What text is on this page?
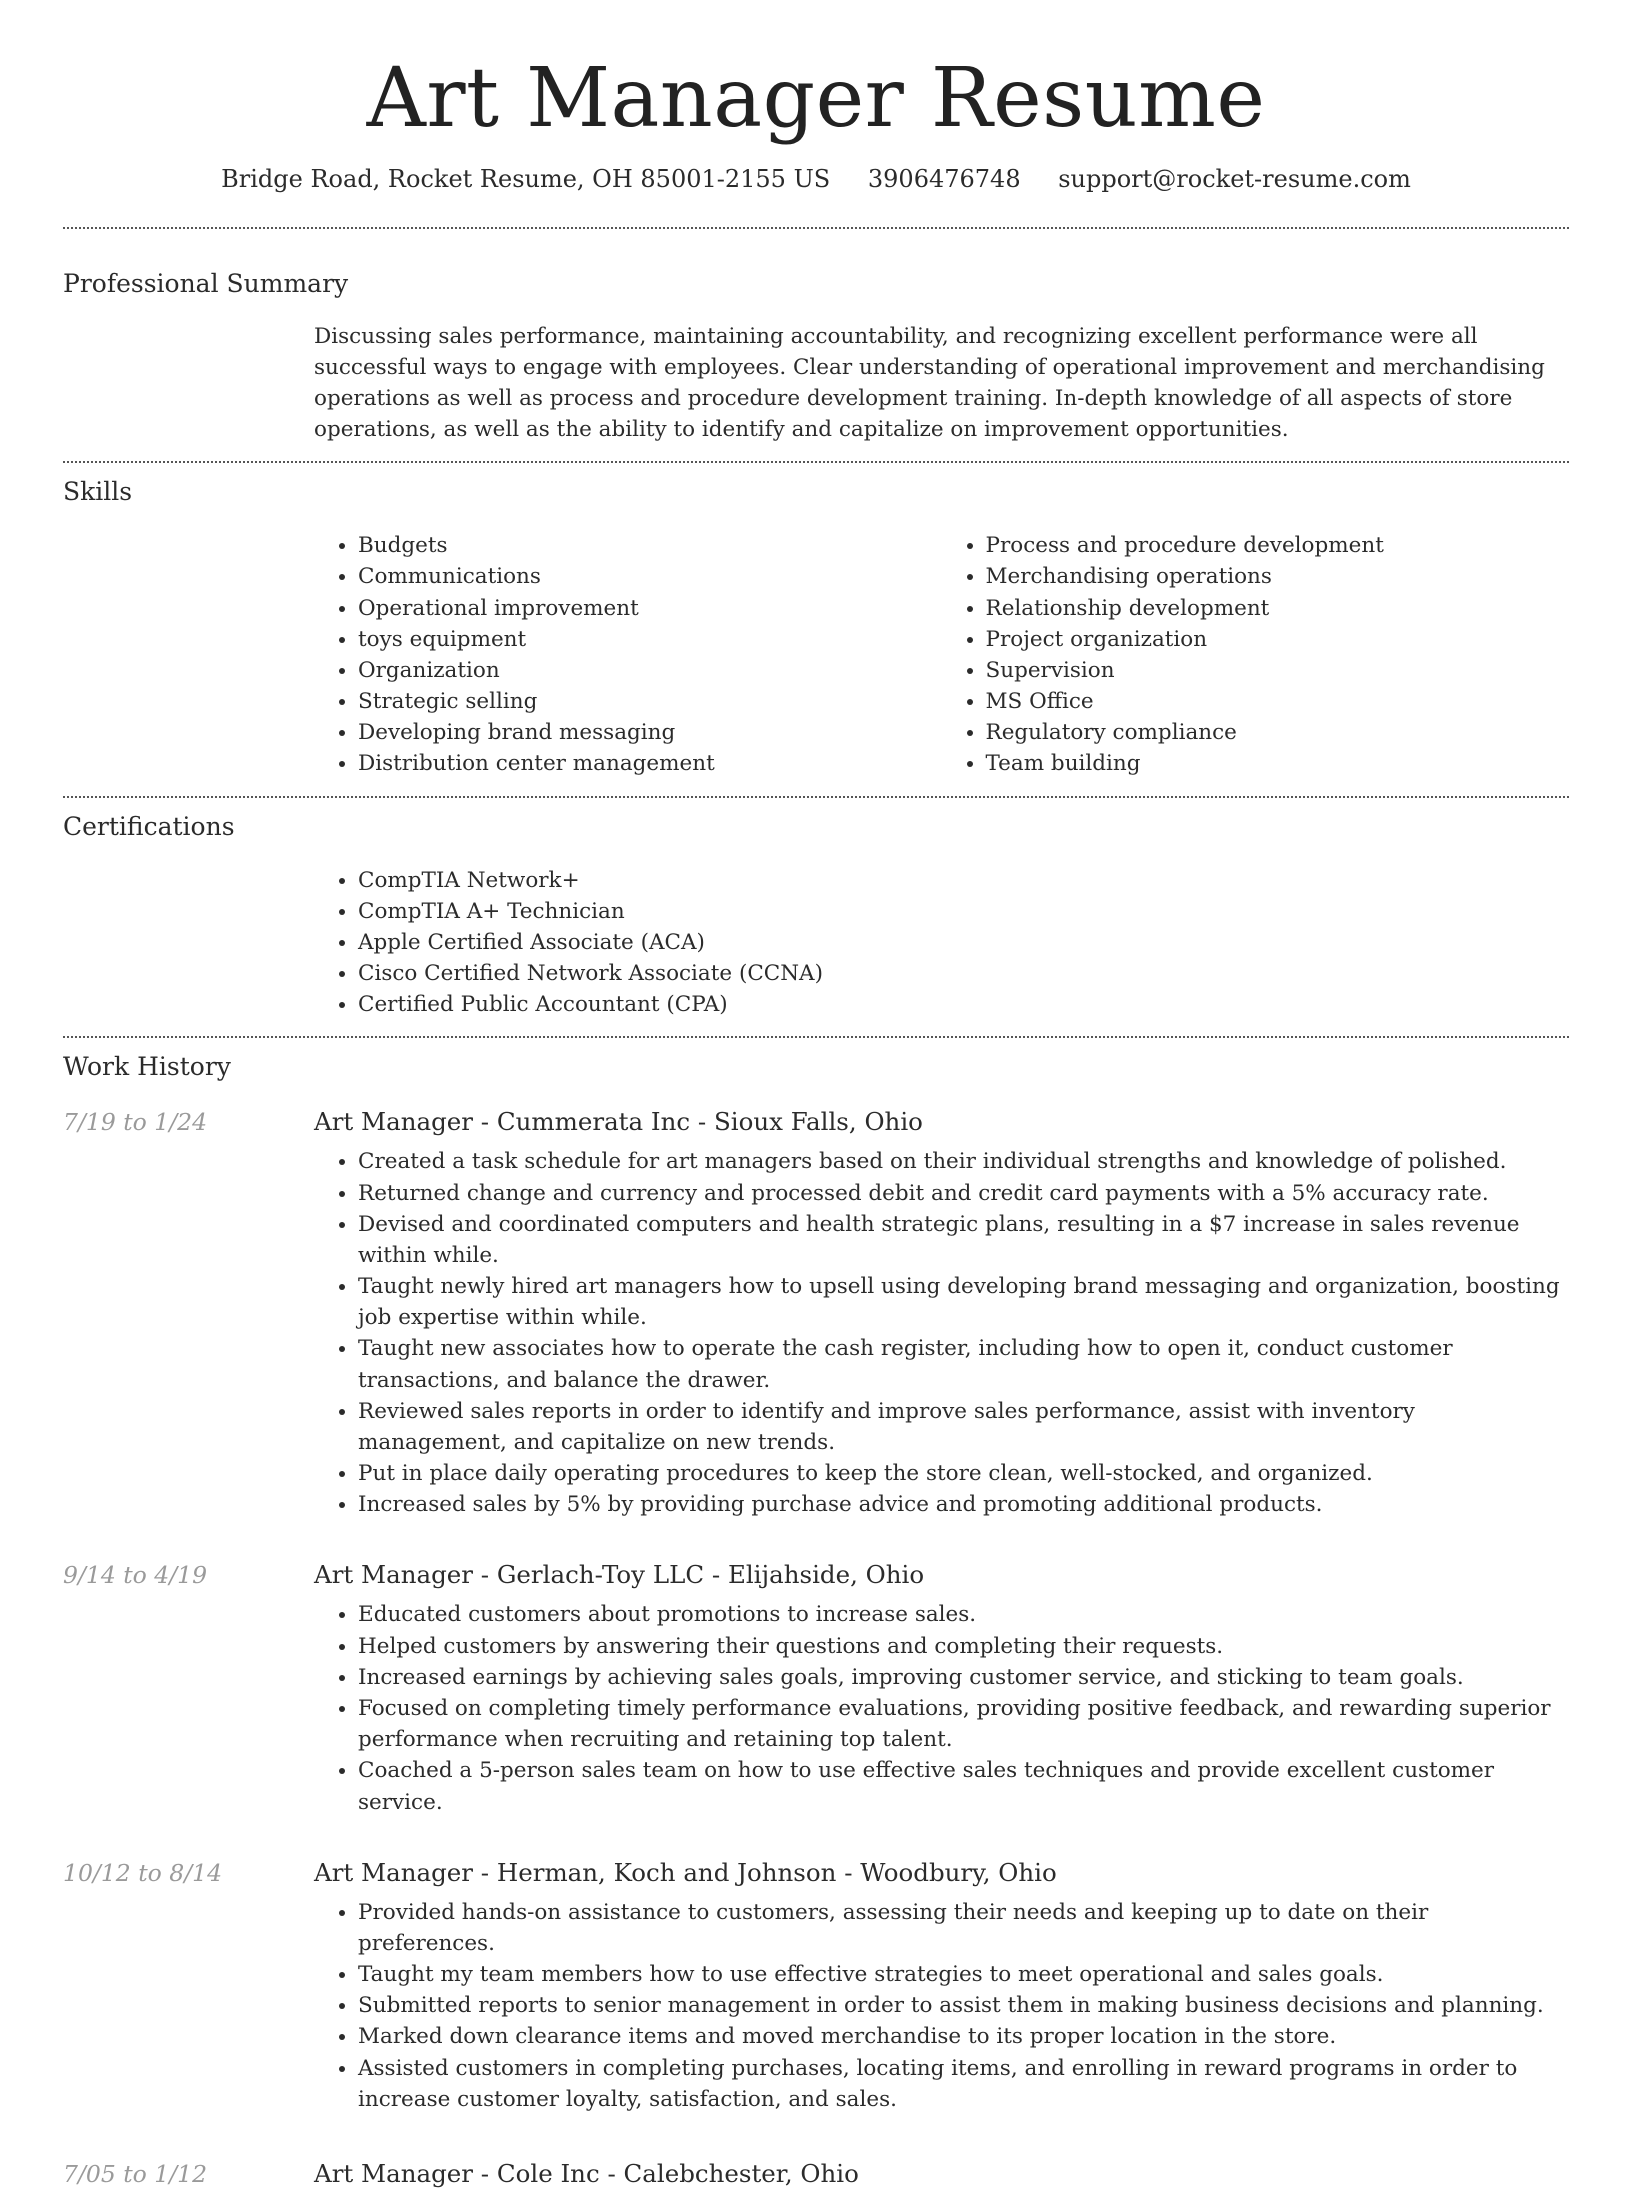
Art Manager Resume
Bridge Road, Rocket Resume, OH 85001-2155 US 3906476748 support@rocket-resume.com
Professional Summary
Discussing sales performance, maintaining accountability, and recognizing excellent performance were all successful ways to engage with employees. Clear understanding of operational improvement and merchandising operations as well as process and procedure development training. In-depth knowledge of all aspects of store operations, as well as the ability to identify and capitalize on improvement opportunities.
Skills
• Budgets
• Communications
• Operational improvement
• toys equipment
• Organization
• Strategic selling
• Developing brand messaging
• Distribution center management
• Process and procedure development
• Merchandising operations
• Relationship development
• Project organization
• Supervision
• MS Office
• Regulatory compliance
• Team building
Certifications
• CompTIA Network+
• CompTIA A+ Technician
• Apple Certified Associate (ACA)
• Cisco Certified Network Associate (CCNA)
• Certified Public Accountant (CPA)
Work History
7/19 to 1/24	Art Manager - Cummerata Inc - Sioux Falls, Ohio
• Created a task schedule for art managers based on their individual strengths and knowledge of polished.
• Returned change and currency and processed debit and credit card payments with a 5% accuracy rate.
• Devised and coordinated computers and health strategic plans, resulting in a $7 increase in sales revenue within while.
• Taught newly hired art managers how to upsell using developing brand messaging and organization, boosting job expertise within while.
• Taught new associates how to operate the cash register, including how to open it, conduct customer transactions, and balance the drawer.
• Reviewed sales reports in order to identify and improve sales performance, assist with inventory management, and capitalize on new trends.
• Put in place daily operating procedures to keep the store clean, well-stocked, and organized.
• Increased sales by 5% by providing purchase advice and promoting additional products.
9/14 to 4/19	Art Manager - Gerlach-Toy LLC - Elijahside, Ohio
• Educated customers about promotions to increase sales.
• Helped customers by answering their questions and completing their requests.
• Increased earnings by achieving sales goals, improving customer service, and sticking to team goals.
• Focused on completing timely performance evaluations, providing positive feedback, and rewarding superior performance when recruiting and retaining top talent.
• Coached a 5-person sales team on how to use effective sales techniques and provide excellent customer service.
10/12 to 8/14	Art Manager - Herman, Koch and Johnson - Woodbury, Ohio
• Provided hands-on assistance to customers, assessing their needs and keeping up to date on their preferences.
• Taught my team members how to use effective strategies to meet operational and sales goals.
• Submitted reports to senior management in order to assist them in making business decisions and planning.
• Marked down clearance items and moved merchandise to its proper location in the store.
• Assisted customers in completing purchases, locating items, and enrolling in reward programs in order to increase customer loyalty, satisfaction, and sales.
7/05 to 1/12	Art Manager - Cole Inc - Calebchester, Ohio
